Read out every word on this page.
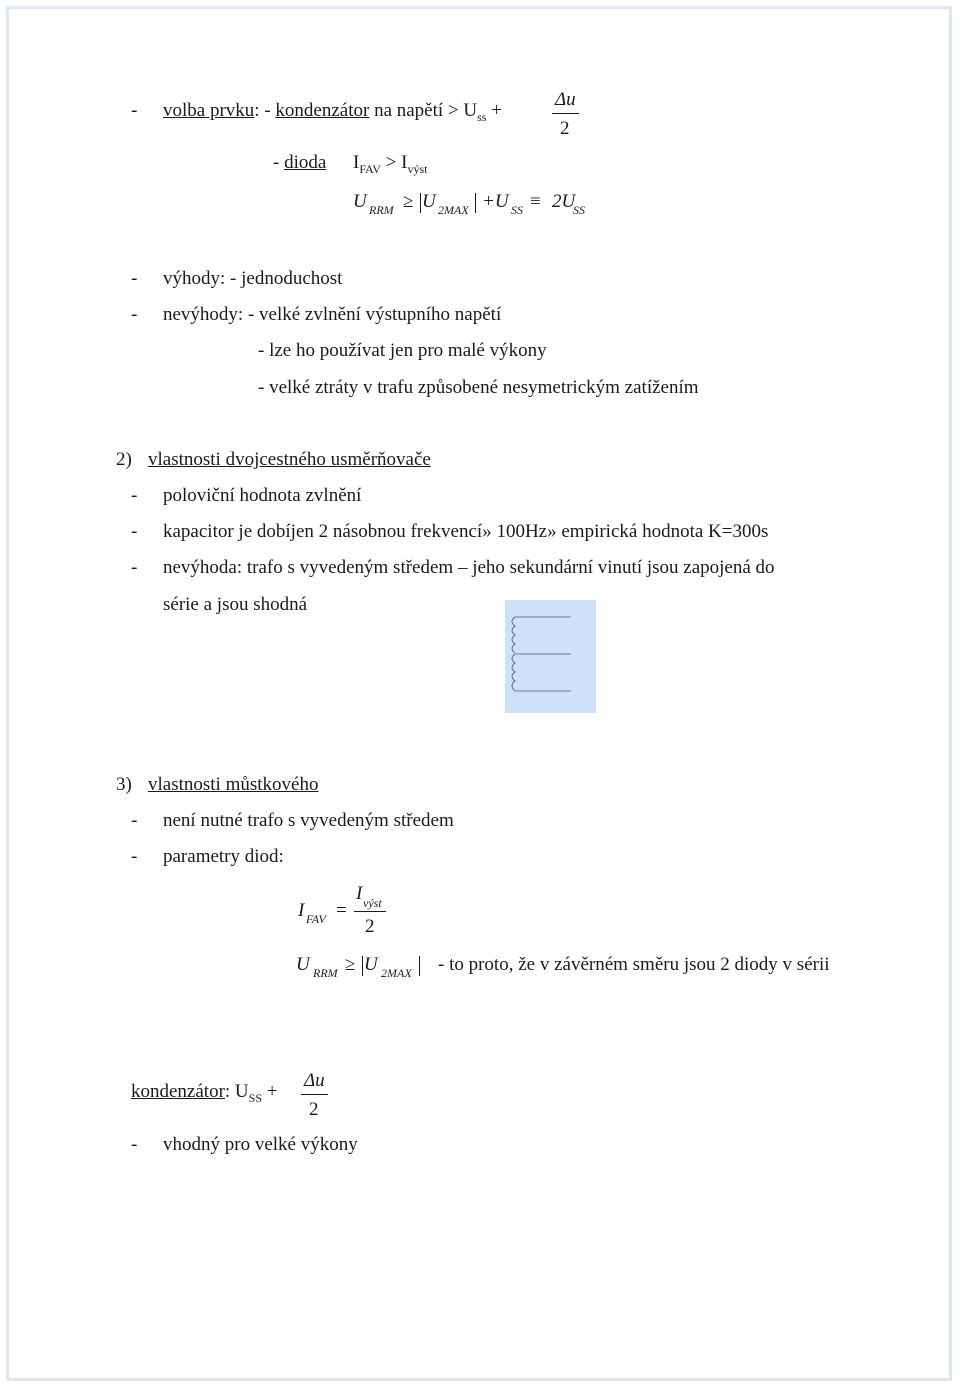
- volba prvku: - kondenzátor na napětí > $U_{ss}$ +
Δu
2
- dioda $I_{FAV} > I_{výst}$
U RRM ≥ U 2MAX +U SS ≡ 2U
SS
- výhody: - jednoduchost
- nevýhody: - velké zvlnění výstupního napětí
- lze ho používat jen pro malé výkony
- velké ztráty v trafu způsobené nesymetrickým zatížením
2) vlastnosti dvojcestného usměrňovače
- poloviční hodnota zvlnění
- kapacitor je dobíjen 2 násobnou frekvencí» 100Hz» empirická hodnota K=300s
- nevýhoda: trafo s vyvedeným středem – jeho sekundární vinutí jsou zapojená do
série a jsou shodná
3) vlastnosti můstkového
- není nutné trafo s vyvedeným středem
- parametry diod:
I FAV =
I výst
2
U RRM ≥ U 2MAX - to proto, že v závěrném směru jsou 2 diody v sérii
kondenzátor: $U_{SS}$ +
Δu
2
- vhodný pro velké výkony
